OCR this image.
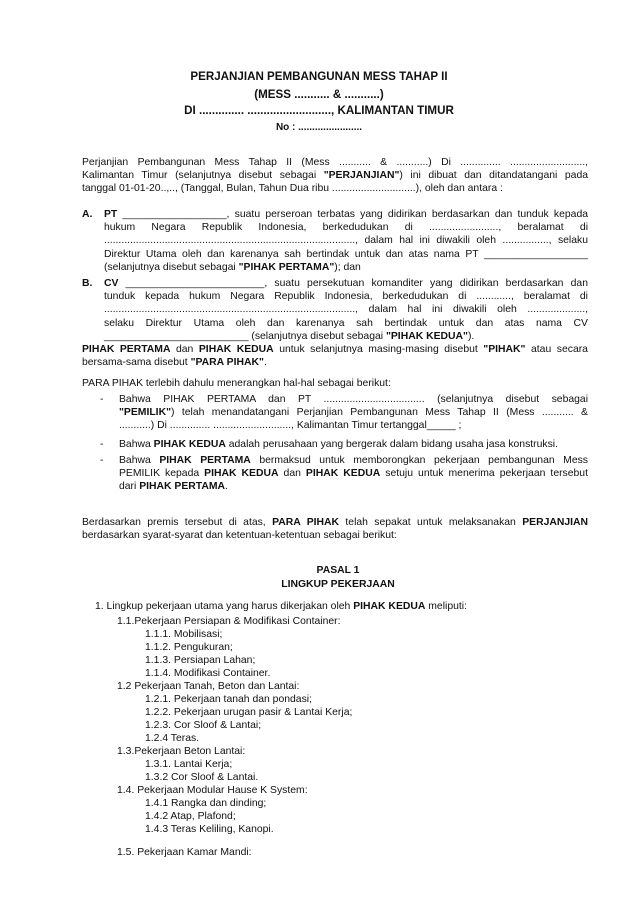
PERJANJIAN PEMBANGUNAN MESS TAHAP II
(MESS ........... & ...........)
DI .............. .........................., KALIMANTAN TIMUR
No : .......................
Perjanjian Pembangunan Mess Tahap II (Mess ........... & ...........) Di .............. ..........................,
Kalimantan Timur (selanjutnya disebut sebagai "PERJANJIAN") ini dibuat dan ditandatangani pada
tanggal 01-01-20..,.., (Tanggal, Bulan, Tahun Dua ribu .............................), oleh dan antara :
A. PT __________________, suatu perseroan terbatas yang didirikan berdasarkan dan tunduk kepada
hukum Negara Republik Indonesia, berkedudukan di ........................, beralamat di
......................................................................................., dalam hal ini diwakili oleh ................, selaku
Direktur Utama oleh dan karenanya sah bertindak untuk dan atas nama PT __________________
(selanjutnya disebut sebagai "PIHAK PERTAMA"); dan
B. CV ________________________, suatu persekutuan komanditer yang didirikan berdasarkan dan
tunduk kepada hukum Negara Republik Indonesia, berkedudukan di ............, beralamat di
......................................................................................., dalam hal ini diwakili oleh ....................,
selaku Direktur Utama oleh dan karenanya sah bertindak untuk dan atas nama CV
_________________________ (selanjutnya disebut sebagai "PIHAK KEDUA").
PIHAK PERTAMA dan PIHAK KEDUA untuk selanjutnya masing-masing disebut "PIHAK" atau secara
bersama-sama disebut "PARA PIHAK".
PARA PIHAK terlebih dahulu menerangkan hal-hal sebagai berikut:
- Bahwa PIHAK PERTAMA dan PT ................................... (selanjutnya disebut sebagai
"PEMILIK") telah menandatangani Perjanjian Pembangunan Mess Tahap II (Mess ........... &
...........) Di .............. ..........................., Kalimantan Timur tertanggal_____ ;
- Bahwa PIHAK KEDUA adalah perusahaan yang bergerak dalam bidang usaha jasa konstruksi.
- Bahwa PIHAK PERTAMA bermaksud untuk memborongkan pekerjaan pembangunan Mess
PEMILIK kepada PIHAK KEDUA dan PIHAK KEDUA setuju untuk menerima pekerjaan tersebut
dari PIHAK PERTAMA.
Berdasarkan premis tersebut di atas, PARA PIHAK telah sepakat untuk melaksanakan PERJANJIAN
berdasarkan syarat-syarat dan ketentuan-ketentuan sebagai berikut:
PASAL 1
LINGKUP PEKERJAAN
1. Lingkup pekerjaan utama yang harus dikerjakan oleh PIHAK KEDUA meliputi:
1.1.Pekerjaan Persiapan & Modifikasi Container:
1.1.1. Mobilisasi;
1.1.2. Pengukuran;
1.1.3. Persiapan Lahan;
1.1.4. Modifikasi Container.
1.2 Pekerjaan Tanah, Beton dan Lantai:
1.2.1. Pekerjaan tanah dan pondasi;
1.2.2. Pekerjaan urugan pasir & Lantai Kerja;
1.2.3. Cor Sloof & Lantai;
1.2.4 Teras.
1.3.Pekerjaan Beton Lantai:
1.3.1. Lantai Kerja;
1.3.2 Cor Sloof & Lantai.
1.4. Pekerjaan Modular Hause K System:
1.4.1 Rangka dan dinding;
1.4.2 Atap, Plafond;
1.4.3 Teras Keliling, Kanopi.
1.5. Pekerjaan Kamar Mandi:
